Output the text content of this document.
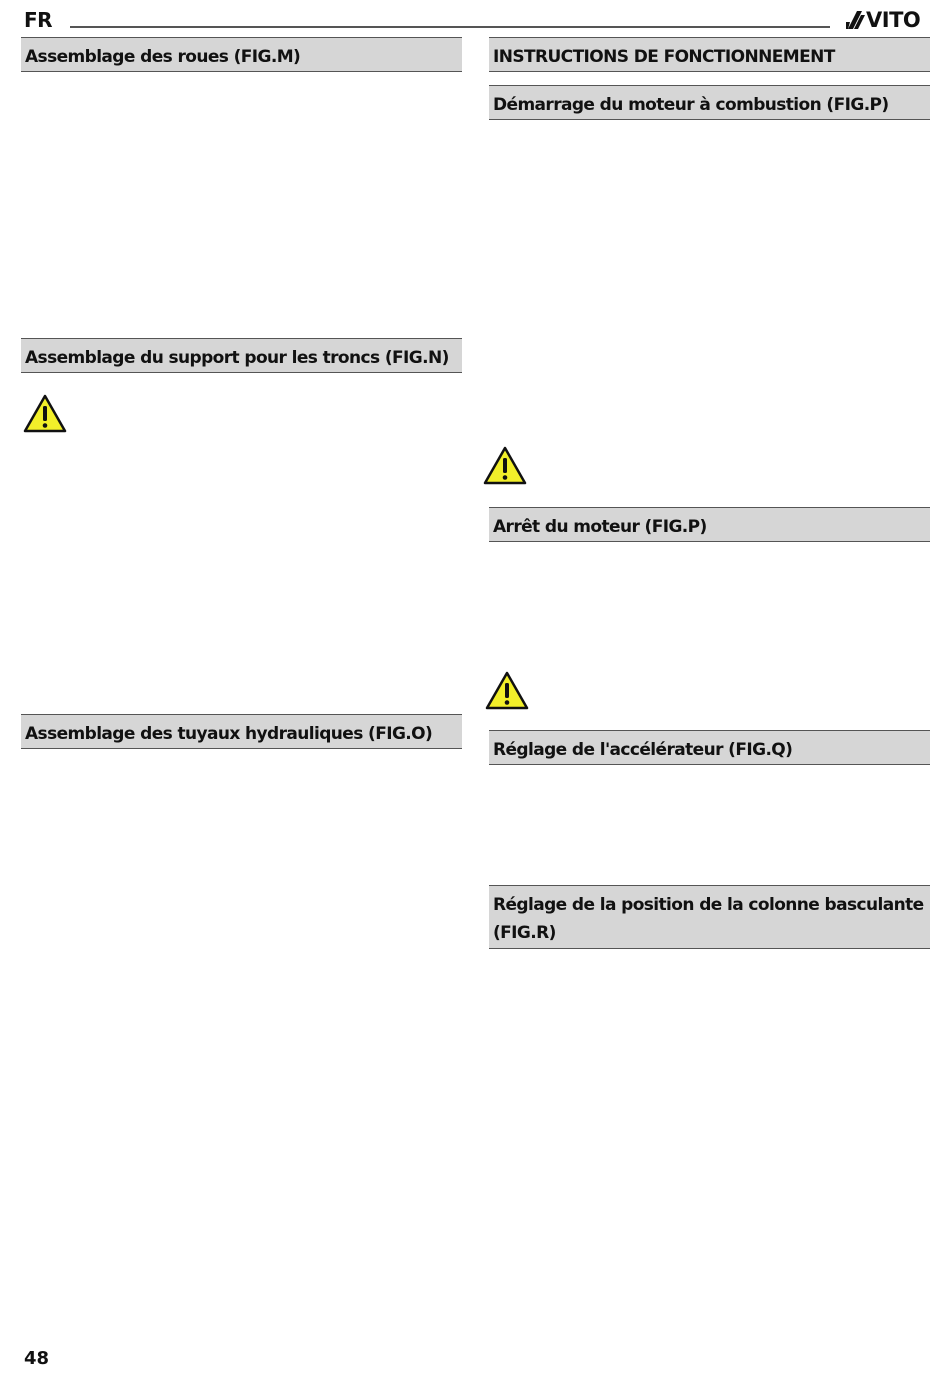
FR	VITO
Assemblage des roues (FIG.M)
Assemblage du support pour les troncs (FIG.N)
Assemblage des tuyaux hydrauliques (FIG.O)
INSTRUCTIONS DE FONCTIONNEMENT
Démarrage du moteur à combustion (FIG.P)
Arrêt du moteur (FIG.P)
Réglage de l'accélérateur (FIG.Q)
Réglage de la position de la colonne basculante
(FIG.R)
48
